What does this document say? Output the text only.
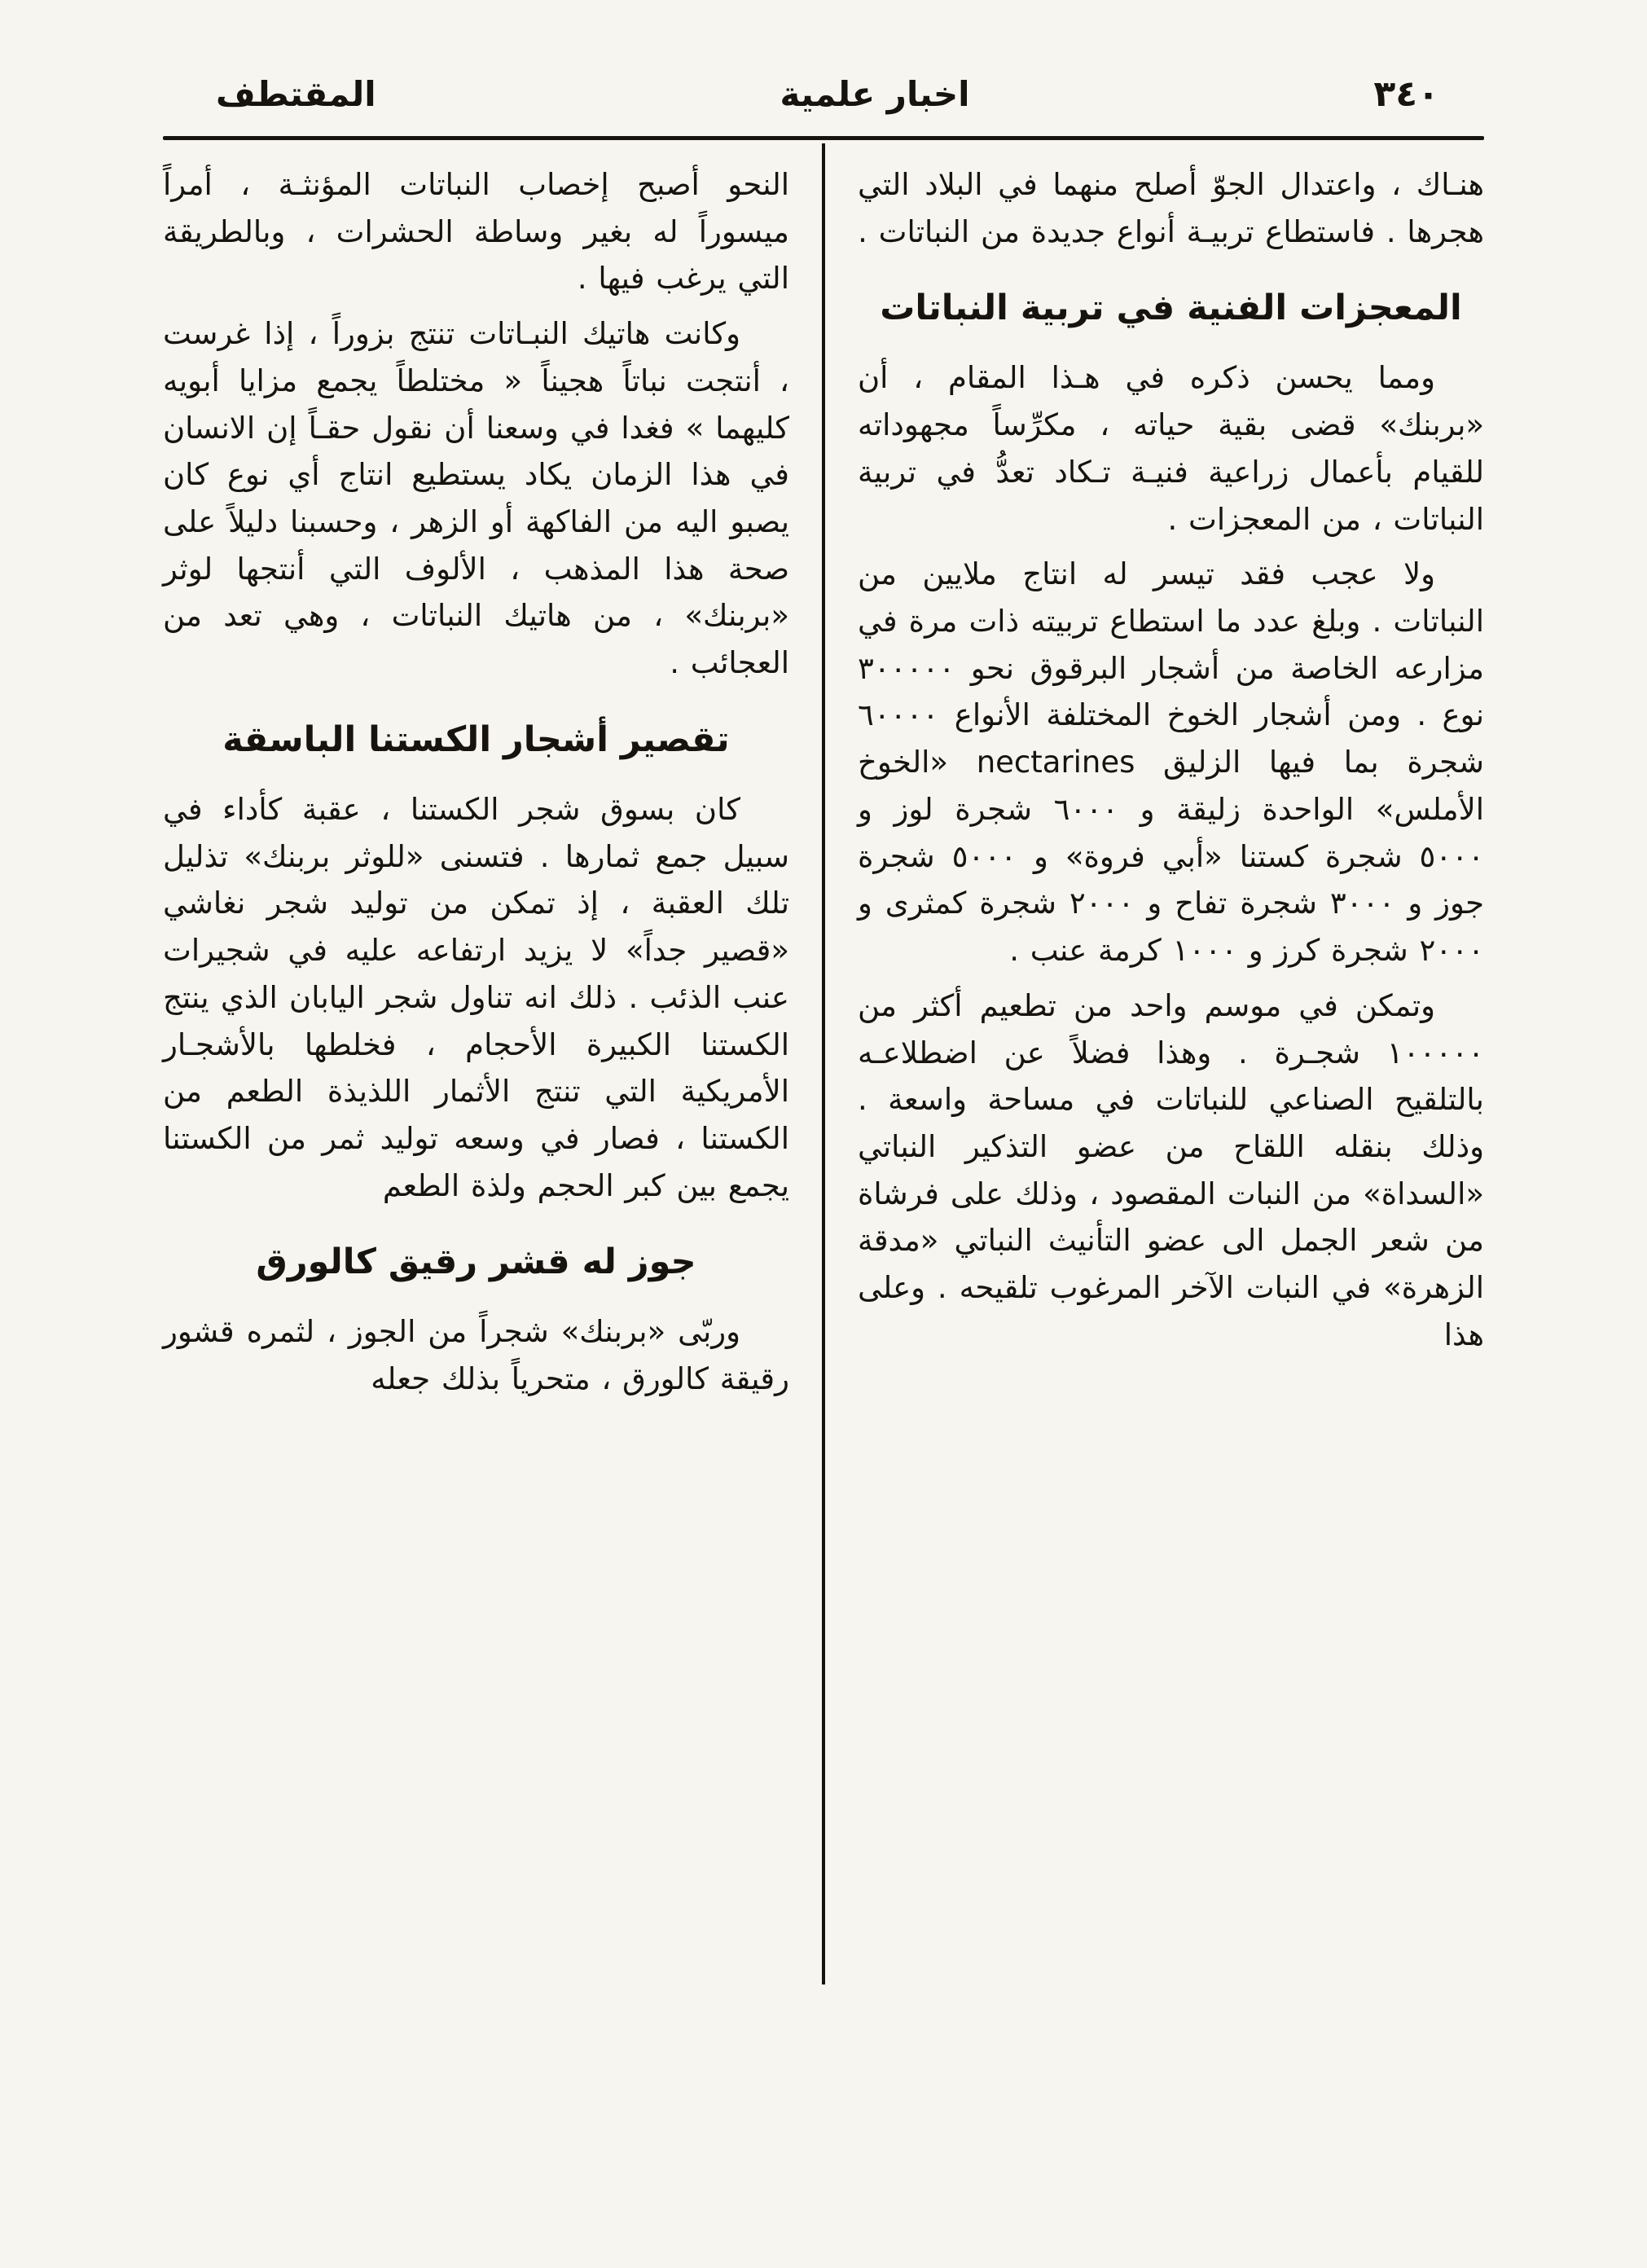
٣٤٠
اخبار علمية
المقتطف

هنـاك ، واعتدال الجوّ أصلح منهما في البلاد التي هجرها . فاستطاع تربيـة أنواع جديدة من النباتات .

المعجزات الفنية في تربية النباتات

ومما يحسن ذكره في هـذا المقام ، أن «بربنك» قضى بقية حياته ، مكرِّساً مجهوداته للقيام بأعمال زراعية فنيـة تـكاد تعدُّ في تربية النباتات ، من المعجزات .

ولا عجب فقد تيسر له انتاج ملايين من النباتات . وبلغ عدد ما استطاع تربيته ذات مرة في مزارعه الخاصة من أشجار البرقوق نحو ٣٠٠٠٠٠ نوع . ومن أشجار الخوخ المختلفة الأنواع ٦٠٠٠٠ شجرة بما فيها الزليق nectarines «الخوخ الأملس» الواحدة زليقة و ٦٠٠٠ شجرة لوز و ٥٠٠٠ شجرة كستنا «أبي فروة» و ٥٠٠٠ شجرة جوز و ٣٠٠٠ شجرة تفاح و ٢٠٠٠ شجرة كمثرى و ٢٠٠٠ شجرة كرز و ١٠٠٠ كرمة عنب .

وتمكن في موسم واحد من تطعيم أكثر من ١٠٠٠٠٠ شجـرة . وهذا فضلاً عن اضطلاعـه بالتلقيح الصناعي للنباتات في مساحة واسعة . وذلك بنقله اللقاح من عضو التذكير النباتي «السداة» من النبات المقصود ، وذلك على فرشاة من شعر الجمل الى عضو التأنيث النباتي «مدقة الزهرة» في النبات الآخر المرغوب تلقيحه . وعلى هذا

النحو أصبح إخصاب النباتات المؤنثـة ، أمراً ميسوراً له بغير وساطة الحشرات ، وبالطريقة التي يرغب فيها .

وكانت هاتيك النبـاتات تنتج بزوراً ، إذا غرست ، أنتجت نباتاً هجيناً « مختلطاً يجمع مزايا أبويه كليهما » فغدا في وسعنا أن نقول حقـاً إن الانسان في هذا الزمان يكاد يستطيع انتاج أي نوع كان يصبو اليه من الفاكهة أو الزهر ، وحسبنا دليلاً على صحة هذا المذهب ، الألوف التي أنتجها لوثر «بربنك» ، من هاتيك النباتات ، وهي تعد من العجائب .

تقصير أشجار الكستنا الباسقة

كان بسوق شجر الكستنا ، عقبة كأداء في سبيل جمع ثمارها . فتسنى «للوثر بربنك» تذليل تلك العقبة ، إذ تمكن من توليد شجر نغاشي «قصير جداً» لا يزيد ارتفاعه عليه في شجيرات عنب الذئب . ذلك انه تناول شجر اليابان الذي ينتج الكستنا الكبيرة الأحجام ، فخلطها بالأشجـار الأمريكية التي تنتج الأثمار اللذيذة الطعم من الكستنا ، فصار في وسعه توليد ثمر من الكستنا يجمع بين كبر الحجم ولذة الطعم

جوز له قشر رقيق كالورق

وربّى «بربنك» شجراً من الجوز ، لثمره قشور رقيقة كالورق ، متحرياً بذلك جعله
